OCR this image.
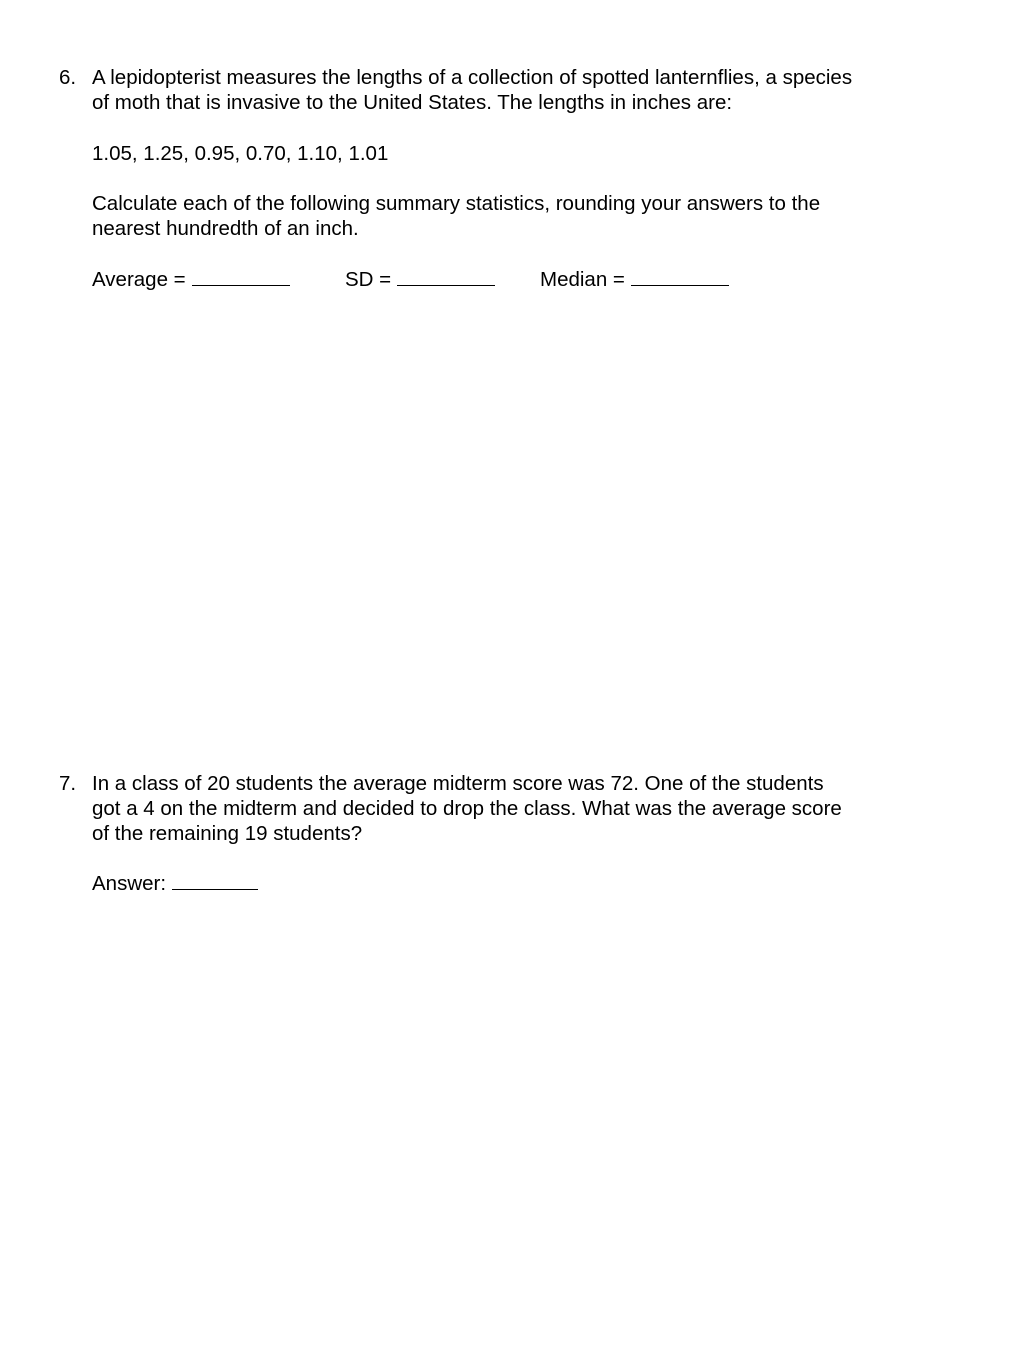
6. A lepidopterist measures the lengths of a collection of spotted lanternflies, a species
of moth that is invasive to the United States. The lengths in inches are:
1.05, 1.25, 0.95, 0.70, 1.10, 1.01
Calculate each of the following summary statistics, rounding your answers to the
nearest hundredth of an inch.
Average =	SD =	Median =
7. In a class of 20 students the average midterm score was 72. One of the students
got a 4 on the midterm and decided to drop the class. What was the average score
of the remaining 19 students?
Answer:
